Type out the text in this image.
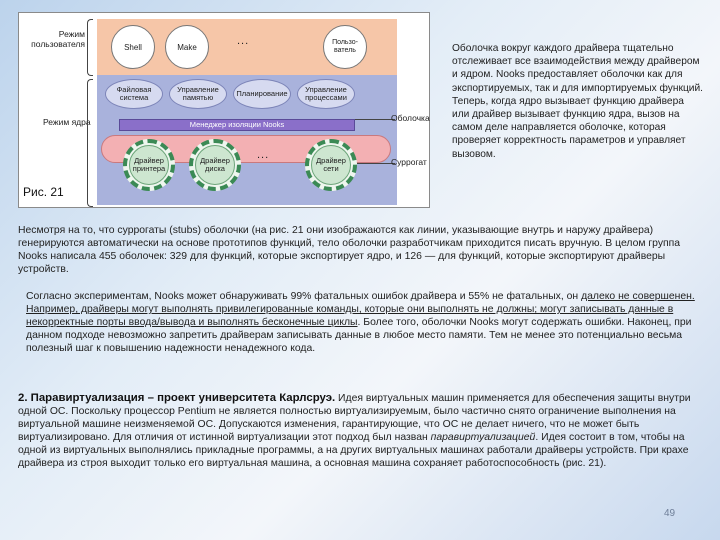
Режим пользователя
Режим ядра
Shell	Make	...	Пользо-ватель
Файловая система
Управление памятью	Планирование	Управление процессами
Менеджер изоляции Nooks
Драйвер принтера
Драйвер диска
...	Драйвер сети
Оболочка
Суррогат
Рис. 21
Оболочка вокруг каждого драйвера тщательно отслеживает все взаимодействия между драйвером и ядром. Nooks предоставляет оболочки как для экспортируемых, так и для импортируемых функций. Теперь, когда ядро вызывает функцию драйвера или драйвер вызывает функцию ядра, вызов на самом деле направляется оболочке, которая проверяет корректность параметров и управляет вызовом.

Несмотря на то, что суррогаты (stubs) оболочки (на рис. 21 они изображаются как линии, указывающие внутрь и наружу драйвера) генерируются автоматически на основе прототипов функций, тело оболочки разработчикам приходится писать вручную. В целом группа Nooks написала 455 оболочек: 329 для функций, которые экспортирует ядро, и 126 — для функций, которые экспортируют драйверы устройств.

Согласно экспериментам, Nooks может обнаруживать 99% фатальных ошибок драйвера и 55% не фатальных, он далеко не совершенен. Например, драйверы могут выполнять привилегированные команды, которые они выполнять не должны; могут записывать данные в некорректные порты ввода/вывода и выполнять бесконечные циклы. Более того, оболочки Nooks могут содержать ошибки. Наконец, при данном подходе невозможно запретить драйверам записывать данные в любое место памяти. Тем не менее это потенциально весьма полезный шаг к повышению надежности ненадежного кода.

2. Паравиртуализация – проект университета Карлсруэ. Идея виртуальных машин применяется для обеспечения защиты внутри одной ОС. Поскольку процессор Pentium не является полностью виртуализируемым, было частично снято ограничение выполнения на виртуальной машине неизменяемой ОС. Допускаются изменения, гарантирующие, что ОС не делает ничего, что не может быть виртуализировано. Для отличия от истинной виртуализации этот подход был назван паравиртуализацией. Идея состоит в том, чтобы на одной из виртуальных выполнялись прикладные программы, а на других виртуальных машинах работали драйверы устройств. При крахе драйвера из строя выходит только его виртуальная машина, а основная машина сохраняет работоспособность (рис. 21).

49
